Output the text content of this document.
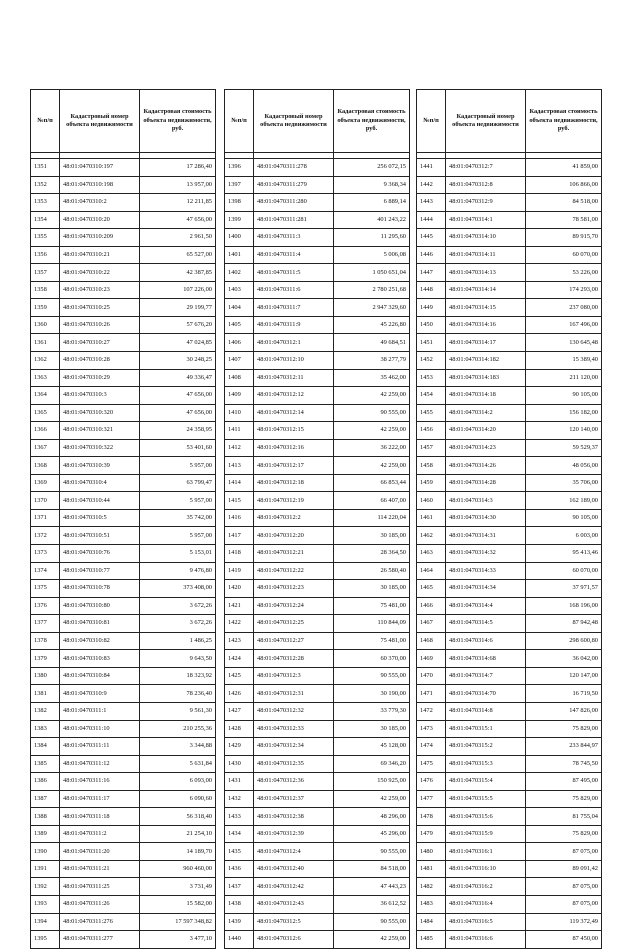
№п/п	Кадастровый номер объекта недвижимости	Кадастровая стоимость объекта недвижимости, руб.

1351	48:01:0470310:197	17 286,40
1352	48:01:0470310:198	13 957,00
1353	48:01:0470310:2	12 211,85
1354	48:01:0470310:20	47 656,00
1355	48:01:0470310:209	2 961,50
1356	48:01:0470310:21	65 527,00
1357	48:01:0470310:22	42 387,85
1358	48:01:0470310:23	107 226,00
1359	48:01:0470310:25	29 199,77
1360	48:01:0470310:26	57 676,20
1361	48:01:0470310:27	47 024,85
1362	48:01:0470310:28	30 248,25
1363	48:01:0470310:29	49 336,47
1364	48:01:0470310:3	47 656,00
1365	48:01:0470310:320	47 656,00
1366	48:01:0470310:321	24 358,95
1367	48:01:0470310:322	53 401,60
1368	48:01:0470310:39	5 957,00
1369	48:01:0470310:4	63 799,47
1370	48:01:0470310:44	5 957,00
1371	48:01:0470310:5	35 742,00
1372	48:01:0470310:51	5 957,00
1373	48:01:0470310:76	5 153,01
1374	48:01:0470310:77	9 476,80
1375	48:01:0470310:78	373 408,00
1376	48:01:0470310:80	3 672,26
1377	48:01:0470310:81	3 672,26
1378	48:01:0470310:82	1 486,25
1379	48:01:0470310:83	9 643,50
1380	48:01:0470310:84	18 323,92
1381	48:01:0470310:9	78 236,40
1382	48:01:0470311:1	9 561,30
1383	48:01:0470311:10	210 255,36
1384	48:01:0470311:11	3 344,88
1385	48:01:0470311:12	5 631,84
1386	48:01:0470311:16	6 093,00
1387	48:01:0470311:17	6 090,60
1388	48:01:0470311:18	56 318,40
1389	48:01:0470311:2	21 254,10
1390	48:01:0470311:20	14 189,70
1391	48:01:0470311:21	960 460,00
1392	48:01:0470311:25	3 731,49
1393	48:01:0470311:26	15 582,00
1394	48:01:0470311:276	17 597 348,82
1395	48:01:0470311:277	3 477,10
№п/п	Кадастровый номер объекта недвижимости	Кадастровая стоимость объекта недвижимости, руб.

1396	48:01:0470311:278	256 072,15
1397	48:01:0470311:279	9 368,34
1398	48:01:0470311:280	6 889,14
1399	48:01:0470311:281	401 243,22
1400	48:01:0470311:3	11 295,60
1401	48:01:0470311:4	5 006,08
1402	48:01:0470311:5	1 050 651,04
1403	48:01:0470311:6	2 780 251,68
1404	48:01:0470311:7	2 947 329,60
1405	48:01:0470311:9	45 226,80
1406	48:01:0470312:1	49 684,51
1407	48:01:0470312:10	38 277,79
1408	48:01:0470312:11	35 462,00
1409	48:01:0470312:12	42 259,00
1410	48:01:0470312:14	90 555,00
1411	48:01:0470312:15	42 259,00
1412	48:01:0470312:16	36 222,00
1413	48:01:0470312:17	42 259,00
1414	48:01:0470312:18	66 853,44
1415	48:01:0470312:19	66 407,00
1416	48:01:0470312:2	114 220,04
1417	48:01:0470312:20	30 185,00
1418	48:01:0470312:21	28 364,50
1419	48:01:0470312:22	26 580,40
1420	48:01:0470312:23	30 185,00
1421	48:01:0470312:24	75 481,00
1422	48:01:0470312:25	110 844,09
1423	48:01:0470312:27	75 481,00
1424	48:01:0470312:28	60 370,00
1425	48:01:0470312:3	90 555,00
1426	48:01:0470312:31	30 190,00
1427	48:01:0470312:32	33 779,30
1428	48:01:0470312:33	30 185,00
1429	48:01:0470312:34	45 128,00
1430	48:01:0470312:35	69 346,20
1431	48:01:0470312:36	150 925,00
1432	48:01:0470312:37	42 259,00
1433	48:01:0470312:38	48 296,00
1434	48:01:0470312:39	45 296,00
1435	48:01:0470312:4	90 555,00
1436	48:01:0470312:40	84 518,00
1437	48:01:0470312:42	47 443,23
1438	48:01:0470312:43	36 612,52
1439	48:01:0470312:5	90 555,00
1440	48:01:0470312:6	42 259,00
№п/п	Кадастровый номер объекта недвижимости	Кадастровая стоимость объекта недвижимости, руб.

1441	48:01:0470312:7	41 859,00
1442	48:01:0470312:8	106 866,00
1443	48:01:0470312:9	84 518,00
1444	48:01:0470314:1	78 581,00
1445	48:01:0470314:10	89 915,70
1446	48:01:0470314:11	60 070,00
1447	48:01:0470314:13	53 226,00
1448	48:01:0470314:14	174 293,00
1449	48:01:0470314:15	237 080,00
1450	48:01:0470314:16	167 496,00
1451	48:01:0470314:17	130 645,48
1452	48:01:0470314:182	15 389,40
1453	48:01:0470314:183	211 120,00
1454	48:01:0470314:18	90 105,00
1455	48:01:0470314:2	156 182,00
1456	48:01:0470314:20	120 140,00
1457	48:01:0470314:23	59 529,37
1458	48:01:0470314:26	48 056,00
1459	48:01:0470314:28	35 706,00
1460	48:01:0470314:3	162 189,00
1461	48:01:0470314:30	90 105,00
1462	48:01:0470314:31	6 003,00
1463	48:01:0470314:32	95 413,46
1464	48:01:0470314:33	60 070,00
1465	48:01:0470314:34	37 971,57
1466	48:01:0470314:4	168 196,00
1467	48:01:0470314:5	87 942,48
1468	48:01:0470314:6	298 600,80
1469	48:01:0470314:68	36 042,00
1470	48:01:0470314:7	120 147,00
1471	48:01:0470314:70	16 719,50
1472	48:01:0470314:8	147 826,00
1473	48:01:0470315:1	75 829,00
1474	48:01:0470315:2	233 844,97
1475	48:01:0470315:3	78 745,50
1476	48:01:0470315:4	87 495,00
1477	48:01:0470315:5	75 829,00
1478	48:01:0470315:6	81 755,04
1479	48:01:0470315:9	75 829,00
1480	48:01:0470316:1	87 075,00
1481	48:01:0470316:10	89 091,42
1482	48:01:0470316:2	87 075,00
1483	48:01:0470316:4	87 075,00
1484	48:01:0470316:5	119 372,49
1485	48:01:0470316:6	87 450,00
